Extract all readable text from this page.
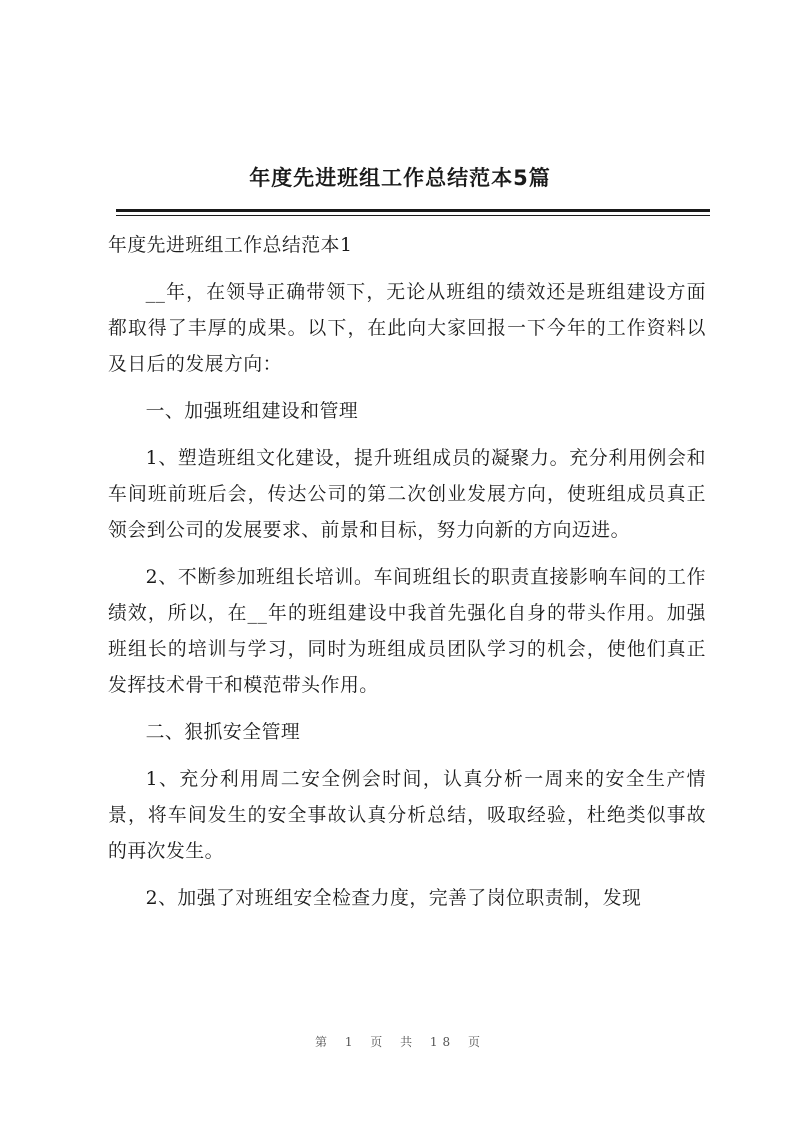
年度先进班组工作总结范本5篇

年度先进班组工作总结范本1

__年，在领导正确带领下，无论从班组的绩效还是班组建设方面都取得了丰厚的成果。以下，在此向大家回报一下今年的工作资料以及日后的发展方向：

一、加强班组建设和管理

1、塑造班组文化建设，提升班组成员的凝聚力。充分利用例会和车间班前班后会，传达公司的第二次创业发展方向，使班组成员真正领会到公司的发展要求、前景和目标，努力向新的方向迈进。

2、不断参加班组长培训。车间班组长的职责直接影响车间的工作绩效，所以，在__年的班组建设中我首先强化自身的带头作用。加强班组长的培训与学习，同时为班组成员团队学习的机会，使他们真正发挥技术骨干和模范带头作用。

二、狠抓安全管理

1、充分利用周二安全例会时间，认真分析一周来的安全生产情景，将车间发生的安全事故认真分析总结，吸取经验，杜绝类似事故的再次发生。

2、加强了对班组安全检查力度，完善了岗位职责制，发现

第 1 页 共 18 页
